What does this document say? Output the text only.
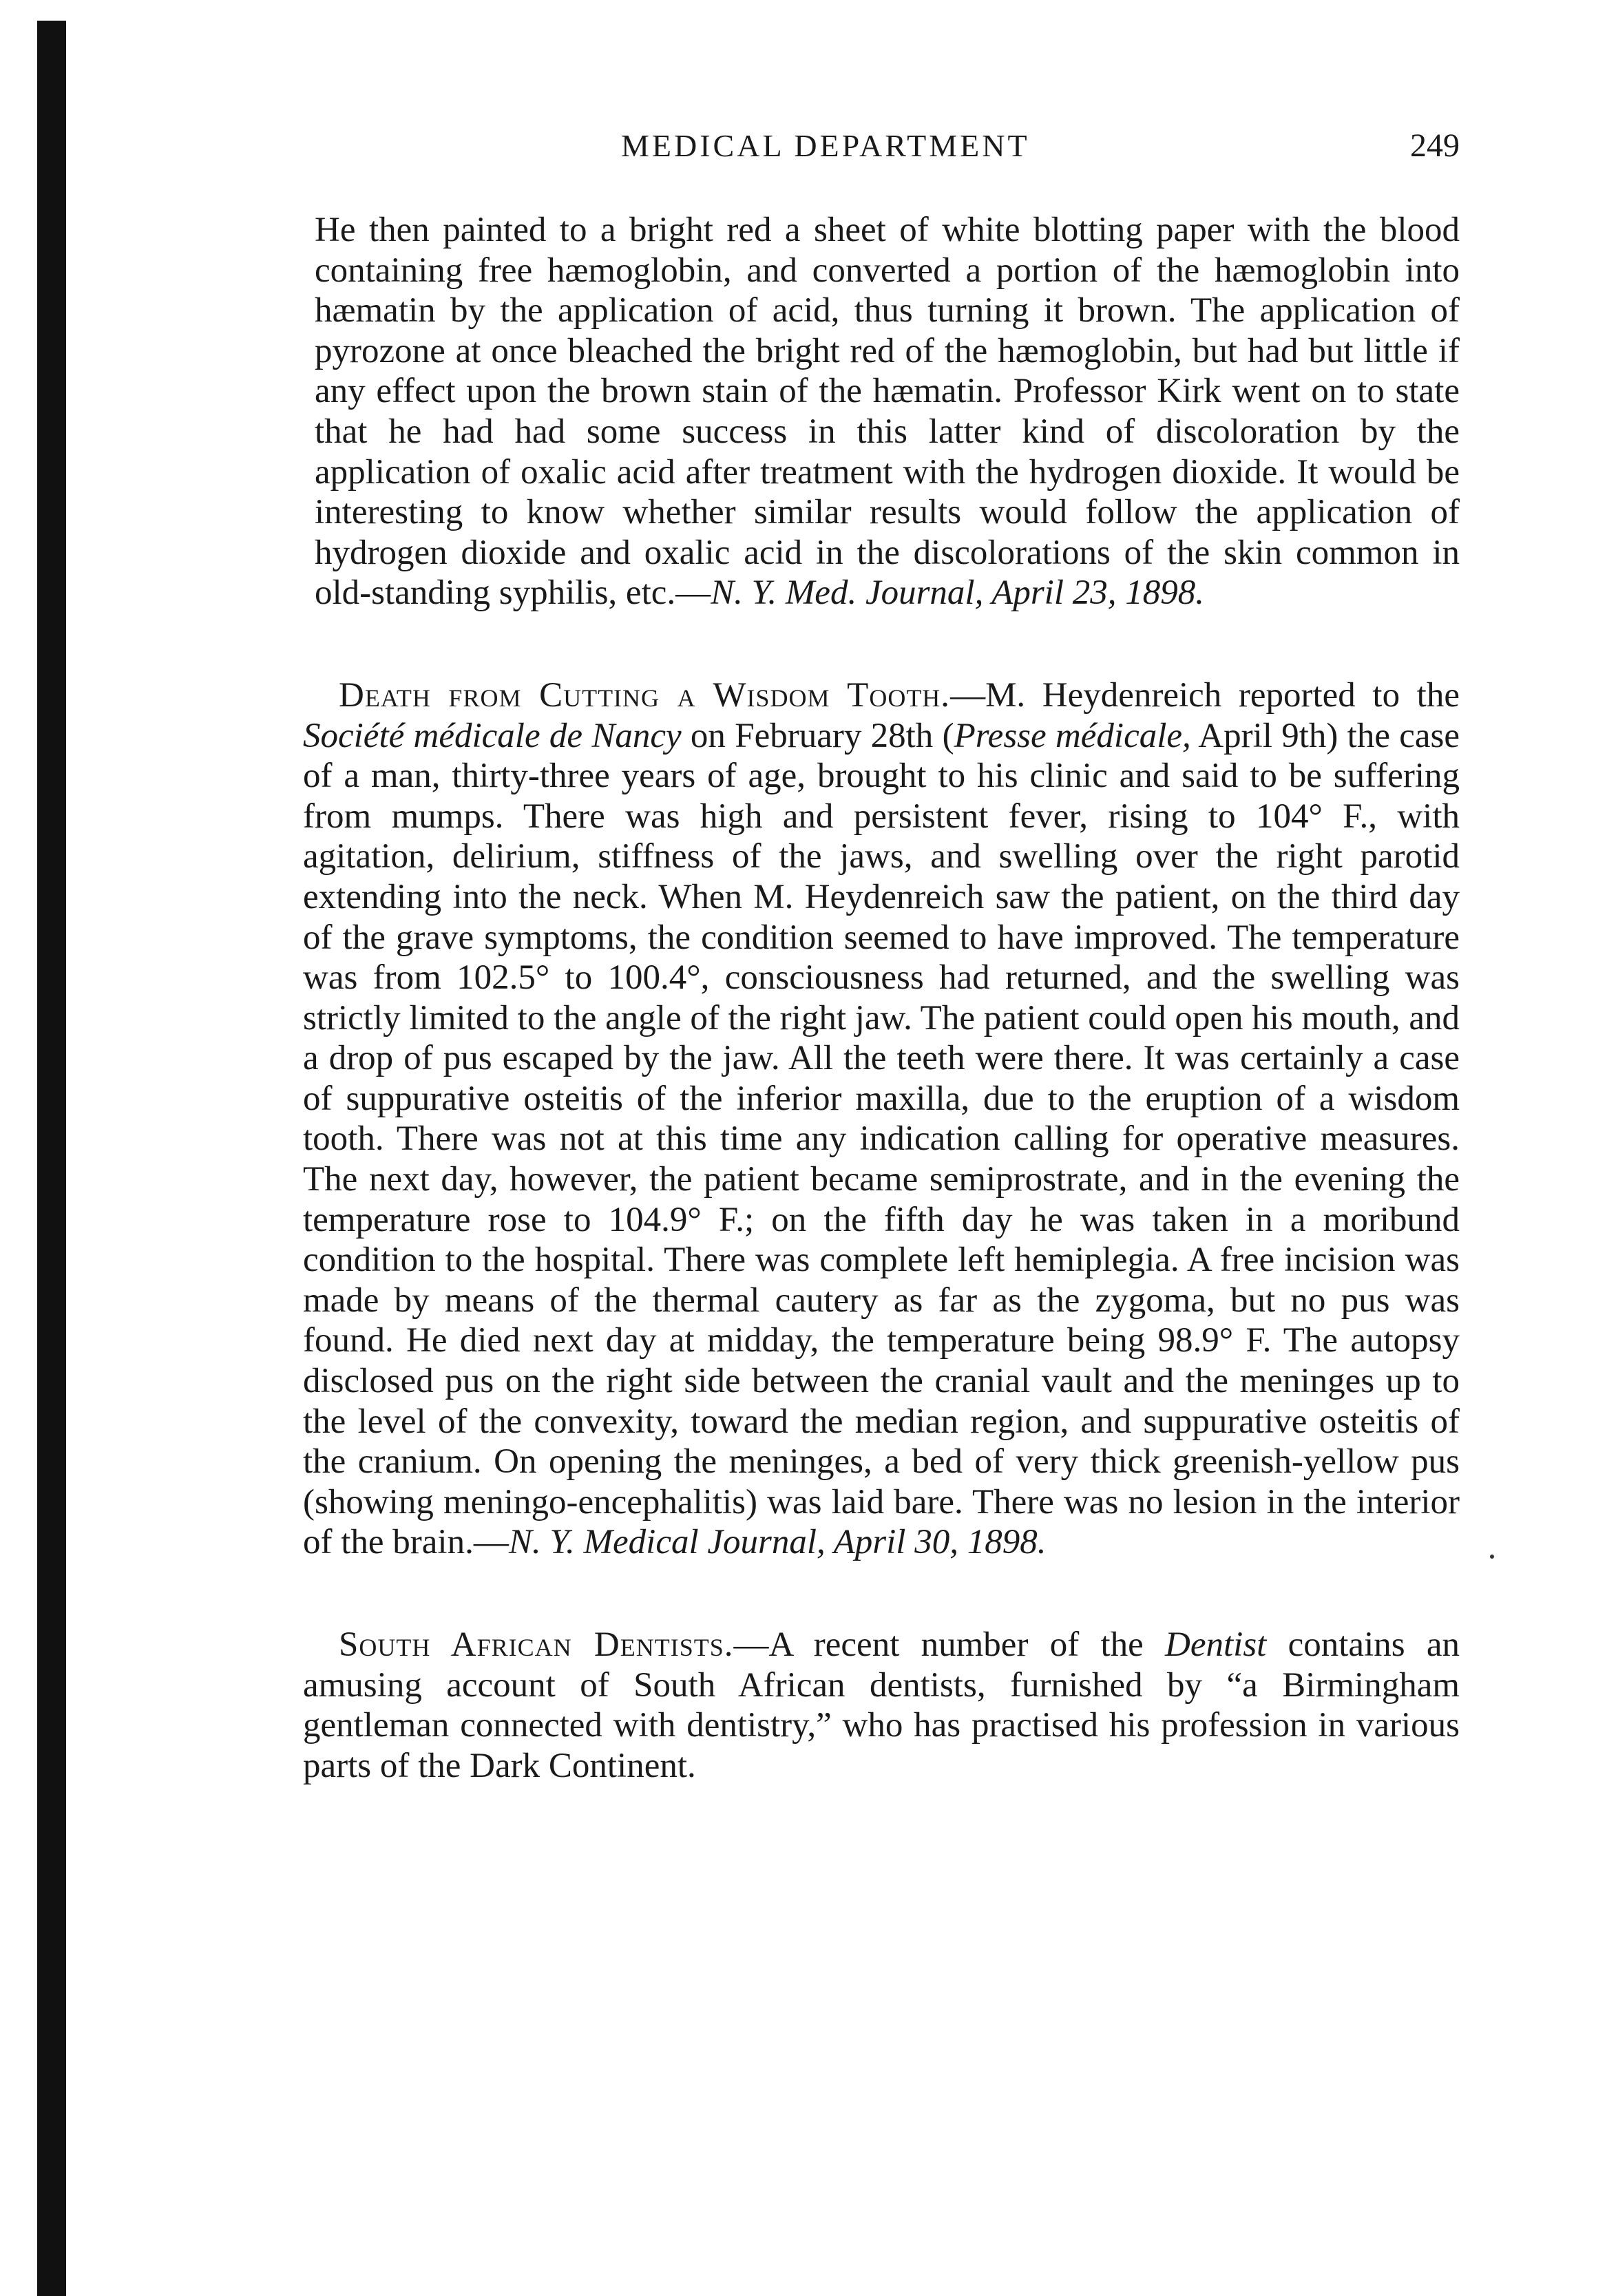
MEDICAL DEPARTMENT	249

He then painted to a bright red a sheet of white blotting paper with the blood containing free hæmoglobin, and converted a portion of the hæmoglobin into hæmatin by the application of acid, thus turning it brown. The application of pyrozone at once bleached the bright red of the hæmoglobin, but had but little if any effect upon the brown stain of the hæmatin. Professor Kirk went on to state that he had had some success in this latter kind of discoloration by the application of oxalic acid after treatment with the hydrogen dioxide. It would be interesting to know whether similar results would follow the application of hydrogen dioxide and oxalic acid in the discolorations of the skin common in old-standing syphilis, etc.—N. Y. Med. Journal, April 23, 1898.

Death from Cutting a Wisdom Tooth.—M. Heydenreich reported to the Société médicale de Nancy on February 28th (Presse médicale, April 9th) the case of a man, thirty-three years of age, brought to his clinic and said to be suffering from mumps. There was high and persistent fever, rising to 104° F., with agitation, delirium, stiffness of the jaws, and swelling over the right parotid extending into the neck. When M. Heydenreich saw the patient, on the third day of the grave symptoms, the condition seemed to have improved. The temperature was from 102.5° to 100.4°, consciousness had returned, and the swelling was strictly limited to the angle of the right jaw. The patient could open his mouth, and a drop of pus escaped by the jaw. All the teeth were there. It was certainly a case of suppurative osteitis of the inferior maxilla, due to the eruption of a wisdom tooth. There was not at this time any indication calling for operative measures. The next day, however, the patient became semiprostrate, and in the evening the temperature rose to 104.9° F.; on the fifth day he was taken in a moribund condition to the hospital. There was complete left hemiplegia. A free incision was made by means of the thermal cautery as far as the zygoma, but no pus was found. He died next day at midday, the temperature being 98.9° F. The autopsy disclosed pus on the right side between the cranial vault and the meninges up to the level of the convexity, toward the median region, and suppurative osteitis of the cranium. On opening the meninges, a bed of very thick greenish-yellow pus (showing meningo-encephalitis) was laid bare. There was no lesion in the interior of the brain.—N. Y. Medical Journal, April 30, 1898.

South African Dentists.—A recent number of the Dentist contains an amusing account of South African dentists, furnished by “a Birmingham gentleman connected with dentistry,” who has practised his profession in various parts of the Dark Continent.
